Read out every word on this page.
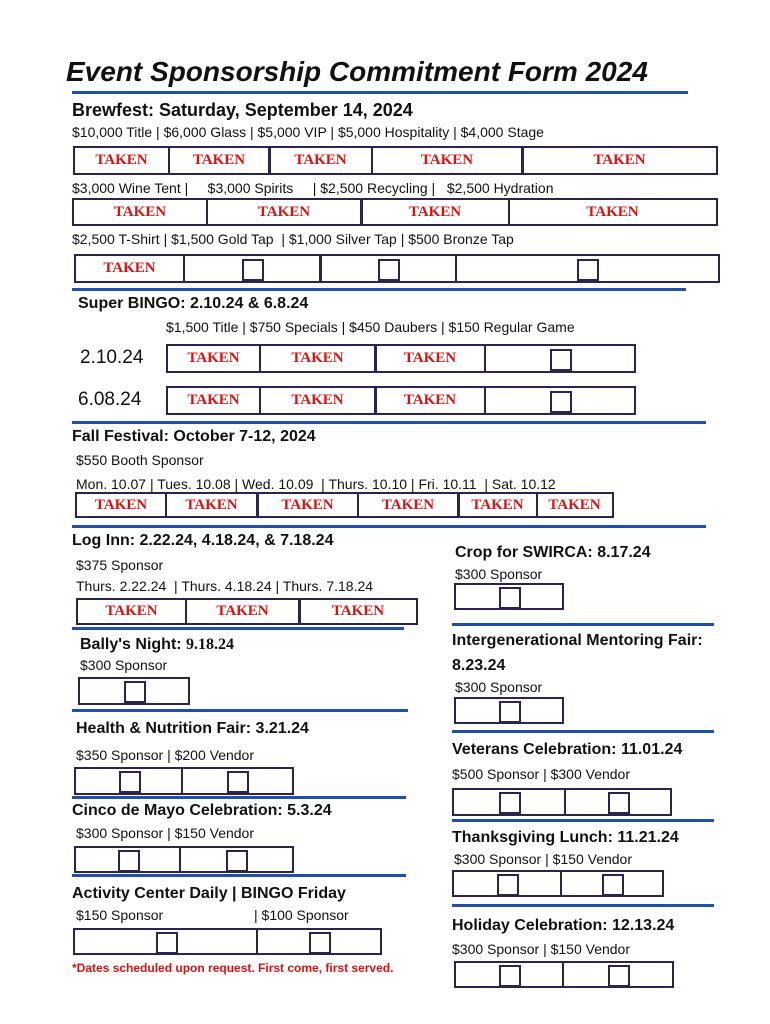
Event Sponsorship Commitment Form 2024
Brewfest: Saturday, September 14, 2024
$10,000 Title | $6,000 Glass | $5,000 VIP | $5,000 Hospitality | $4,000 Stage
TAKEN	TAKEN	TAKEN	TAKEN	TAKEN
$3,000 Wine Tent |     $3,000 Spirits     | $2,500 Recycling |   $2,500 Hydration
TAKEN	TAKEN	TAKEN	TAKEN
$2,500 T-Shirt | $1,500 Gold Tap  | $1,000 Silver Tap | $500 Bronze Tap
TAKEN
Super BINGO: 2.10.24 & 6.8.24
$1,500 Title | $750 Specials | $450 Daubers | $150 Regular Game
2.10.24	TAKEN	TAKEN	TAKEN
6.08.24	TAKEN	TAKEN	TAKEN
Fall Festival: October 7-12, 2024
$550 Booth Sponsor
Mon. 10.07 | Tues. 10.08 | Wed. 10.09  | Thurs. 10.10 | Fri. 10.11  | Sat. 10.12
TAKEN	TAKEN	TAKEN	TAKEN TAKEN TAKEN
Log Inn: 2.22.24, 4.18.24, & 7.18.24
$375 Sponsor
Thurs. 2.22.24  | Thurs. 4.18.24 | Thurs. 7.18.24
TAKEN	TAKEN	TAKEN
Bally's Night: 9.18.24
$300 Sponsor
Health & Nutrition Fair: 3.21.24
$350 Sponsor | $200 Vendor
Cinco de Mayo Celebration: 5.3.24
$300 Sponsor | $150 Vendor
Activity Center Daily | BINGO Friday
$150 Sponsor	| $100 Sponsor
*Dates scheduled upon request. First come, first served.
Crop for SWIRCA: 8.17.24
$300 Sponsor
Intergenerational Mentoring Fair:
8.23.24
$300 Sponsor
Veterans Celebration: 11.01.24
$500 Sponsor | $300 Vendor
Thanksgiving Lunch: 11.21.24
$300 Sponsor | $150 Vendor
Holiday Celebration: 12.13.24
$300 Sponsor | $150 Vendor
